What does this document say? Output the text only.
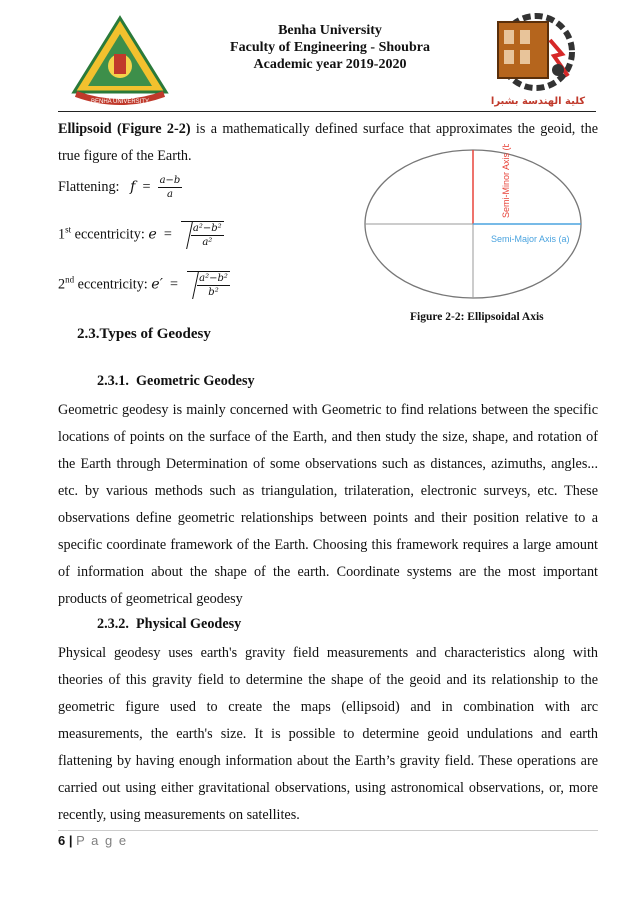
BENHA UNIVERSITY	كلية الهندسة بشبرا
Benha University
Faculty of Engineering - Shoubra
Academic year 2019-2020
Ellipsoid (Figure 2-2) is a mathematically defined surface that approximates the geoid, the true figure of the Earth.
Flattening: $f = \frac{a-b}{a}$
1st eccentricity: $e = \frac{\text{a²−b²}}{\text{a²}}$
2nd eccentricity: $e' = \frac{\text{a²−b²}}{\text{b²}}$
Semi-Minor Axis (b)
Semi-Major Axis (a)
Figure 2-2: Ellipsoidal Axis
2.3.Types of Geodesy
2.3.1. Geometric Geodesy
Geometric geodesy is mainly concerned with Geometric to find relations between the specific locations of points on the surface of the Earth, and then study the size, shape, and rotation of the Earth through Determination of some observations such as distances, azimuths, angles... etc. by various methods such as triangulation, trilateration, electronic surveys, etc. These observations define geometric relationships between points and their position relative to a specific coordinate framework of the Earth. Choosing this framework requires a large amount of information about the shape of the earth. Coordinate systems are the most important products of geometrical geodesy
2.3.2. Physical Geodesy
Physical geodesy uses earth's gravity field measurements and characteristics along with theories of this gravity field to determine the shape of the geoid and its relationship to the geometric figure used to create the maps (ellipsoid) and in combination with arc measurements, the earth's size. It is possible to determine geoid undulations and earth flattening by having enough information about the Earth’s gravity field. These operations are carried out using either gravitational observations, using astronomical observations, or, more recently, using measurements on satellites.
6 | P a g e
